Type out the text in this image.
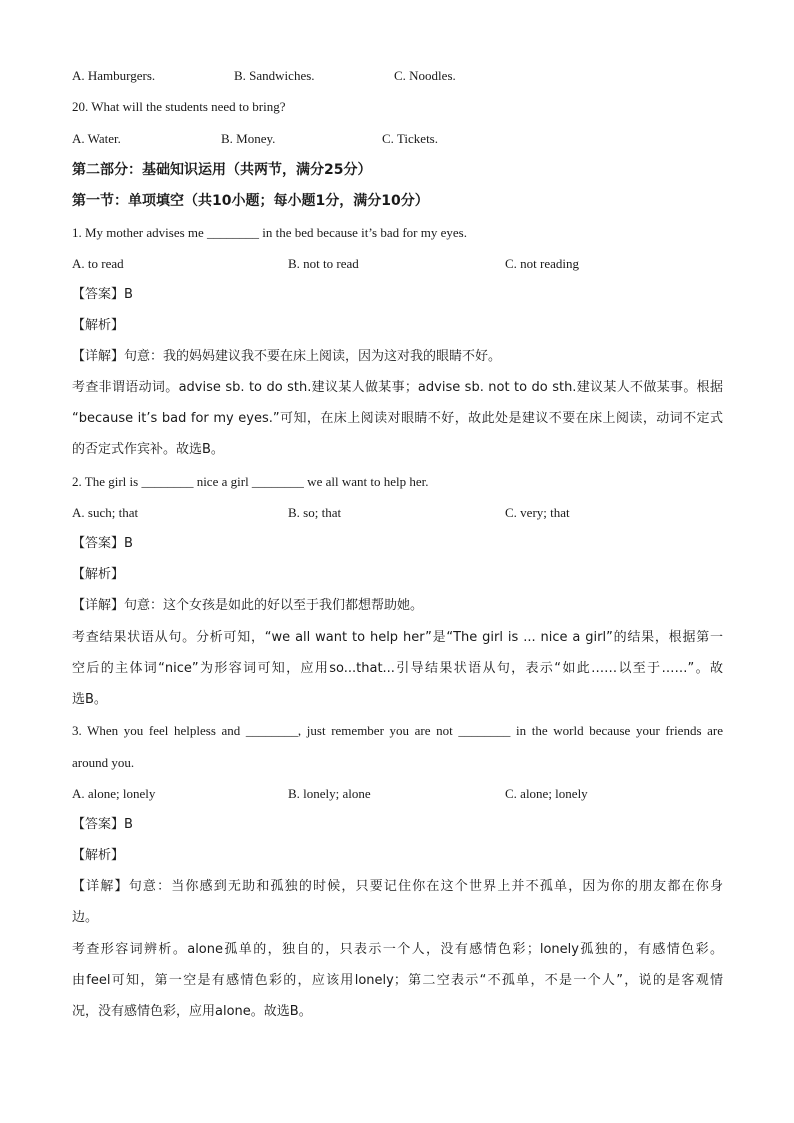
A. Hamburgers.	B. Sandwiches.	C. Noodles.
20. What will the students need to bring?
A. Water.	B. Money.	C. Tickets.
第二部分：基础知识运用（共两节，满分25分）
第一节：单项填空（共10小题；每小题1分，满分10分）
1. My mother advises me ________ in the bed because it’s bad for my eyes.
A. to read	B. not to read	C. not reading
【答案】B
【解析】
【详解】句意：我的妈妈建议我不要在床上阅读，因为这对我的眼睛不好。
考查非谓语动词。advise sb. to do sth.建议某人做某事；advise sb. not to do sth.建议某人不做某事。根据
“because it’s bad for my eyes.”可知，在床上阅读对眼睛不好，故此处是建议不要在床上阅读，动词不定式
的否定式作宾补。故选B。
2. The girl is ________ nice a girl ________ we all want to help her.
A. such; that	B. so; that	C. very; that
【答案】B
【解析】
【详解】句意：这个女孩是如此的好以至于我们都想帮助她。
考查结果状语从句。分析可知，“we all want to help her”是“The girl is ... nice a girl”的结果，根据第一
空后的主体词“nice”为形容词可知，应用so...that...引导结果状语从句，表示“如此……以至于……”。故
选B。
3. When you feel helpless and ________, just remember you are not ________ in the world because your friends are
around you.
A. alone; lonely	B. lonely; alone	C. alone; lonely
【答案】B
【解析】
【详解】句意：当你感到无助和孤独的时候，只要记住你在这个世界上并不孤单，因为你的朋友都在你身
边。
考查形容词辨析。alone孤单的，独自的，只表示一个人，没有感情色彩；lonely孤独的，有感情色彩。
由feel可知，第一空是有感情色彩的，应该用lonely；第二空表示“不孤单，不是一个人”，说的是客观情
况，没有感情色彩，应用alone。故选B。
